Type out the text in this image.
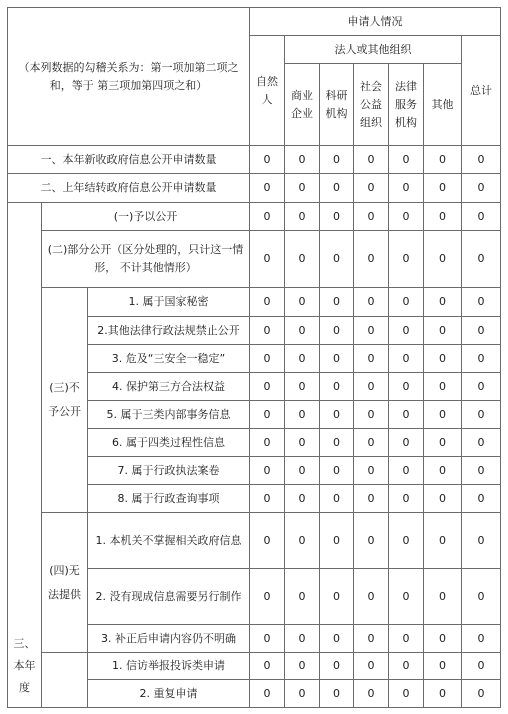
（本列数据的勾稽关系为：第一项加第二项之和，等于 第三项加第四项之和）			申请人情况						
			自然人	法人或其他组织					总计
				商业企业	科研机构	社会公益组织	法律服务机构	其他	

一、本年新收政府信息公开申请数量			0	0	0	0	0	0	0
二、上年结转政府信息公开申请数量			0	0	0	0	0	0	0
三、本年度	(一)予以公开		0	0	0	0	0	0	0
	(二)部分公开（区分处理的，只计这一情形， 不计其他情形）		0	0	0	0	0	0	0
	(三)不予公开	1. 属于国家秘密	0	0	0	0	0	0	0
		2.其他法律行政法规禁止公开	0	0	0	0	0	0	0
		3. 危及“三安全一稳定”	0	0	0	0	0	0	0
		4. 保护第三方合法权益	0	0	0	0	0	0	0
		5. 属于三类内部事务信息	0	0	0	0	0	0	0
		6. 属于四类过程性信息	0	0	0	0	0	0	0
		7. 属于行政执法案卷	0	0	0	0	0	0	0
		8. 属于行政查询事项	0	0	0	0	0	0	0
	(四)无法提供	1. 本机关不掌握相关政府信息	0	0	0	0	0	0	0
		2. 没有现成信息需要另行制作	0	0	0	0	0	0	0
		3. 补正后申请内容仍不明确	0	0	0	0	0	0	0
		1. 信访举报投诉类申请	0	0	0	0	0	0	0
		2. 重复申请	0	0	0	0	0	0	0
